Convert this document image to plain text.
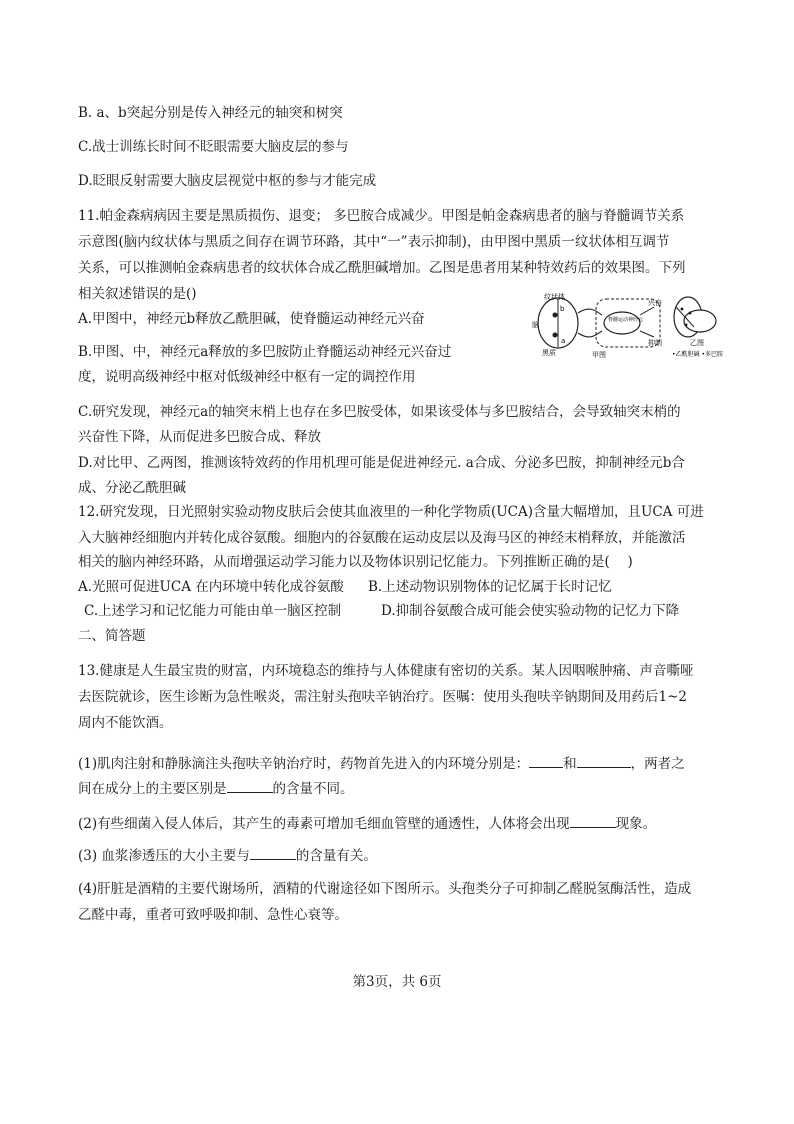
B. a、b突起分别是传入神经元的轴突和树突
C.战士训练长时间不眨眼需要大脑皮层的参与
D.眨眼反射需要大脑皮层视觉中枢的参与才能完成
11.帕金森病病因主要是黑质损伤、退变； 多巴胺合成减少。甲图是帕金森病患者的脑与脊髓调节关系
示意图(脑内纹状体与黑质之间存在调节环路，其中“一”表示抑制)，由甲图中黑质一纹状体相互调节
关系，可以推测帕金森病患者的纹状体合成乙酰胆碱增加。乙图是患者用某种特效药后的效果图。下列
相关叙述错误的是()
A.甲图中，神经元b释放乙酰胆碱，使脊髓运动神经元兴奋
B.甲图、中，神经元a释放的多巴胺防止脊髓运动神经元兴奋过
度，说明高级神经中枢对低级神经中枢有一定的调控作用
C.研究发现，神经元a的轴突末梢上也存在多巴胺受体，如果该受体与多巴胺结合，会导致轴突末梢的
兴奋性下降，从而促进多巴胺合成、释放
D.对比甲、乙两图，推测该特效药的作用机理可能是促进神经元. a合成、分泌多巴胺，抑制神经元b合
成、分泌乙酰胆碱
12.研究发现，日光照射实验动物皮肤后会使其血液里的一种化学物质(UCA)含量大幅增加，且UCA 可进
入大脑神经细胞内并转化成谷氨酸。细胞内的谷氨酸在运动皮层以及海马区的神经末梢释放，并能激活
相关的脑内神经环路，从而增强运动学习能力以及物体识别记忆能力。下列推断正确的是(　 )
A.光照可促进UCA 在内环境中转化成谷氨酸 B.上述动物识别物体的记忆属于长时记忆
C.上述学习和记忆能力可能由单一脑区控制	D.抑制谷氨酸合成可能会使实验动物的记忆力下降
二、简答题
13.健康是人生最宝贵的财富，内环境稳态的维持与人体健康有密切的关系。某人因咽喉肿痛、声音嘶哑
去医院就诊，医生诊断为急性喉炎，需注射头孢呋辛钠治疗。医嘱：使用头孢呋辛钠期间及用药后1~2
周内不能饮酒。
(1)肌肉注射和静脉滴注头孢呋辛钠治疗时，药物首先进入的内环境分别是：	和	，两者之
间在成分上的主要区别是	的含量不同。
(2)有些细菌入侵人体后，其产生的毒素可增加毛细血管壁的通透性，人体将会出现	现象。
(3) 血浆渗透压的大小主要与	的含量有关。
(4)肝脏是酒精的主要代谢场所，酒精的代谢途径如下图所示。头孢类分子可抑制乙醛脱氢酶活性，造成
乙醛中毒，重者可致呼吸抑制、急性心衰等。
纹状体
脑
黑质
b
a
脊髓运动神经元
兴奋
抑制
甲图
乙图
•乙酰胆碱 •多巴胺
第3页，共 6页
